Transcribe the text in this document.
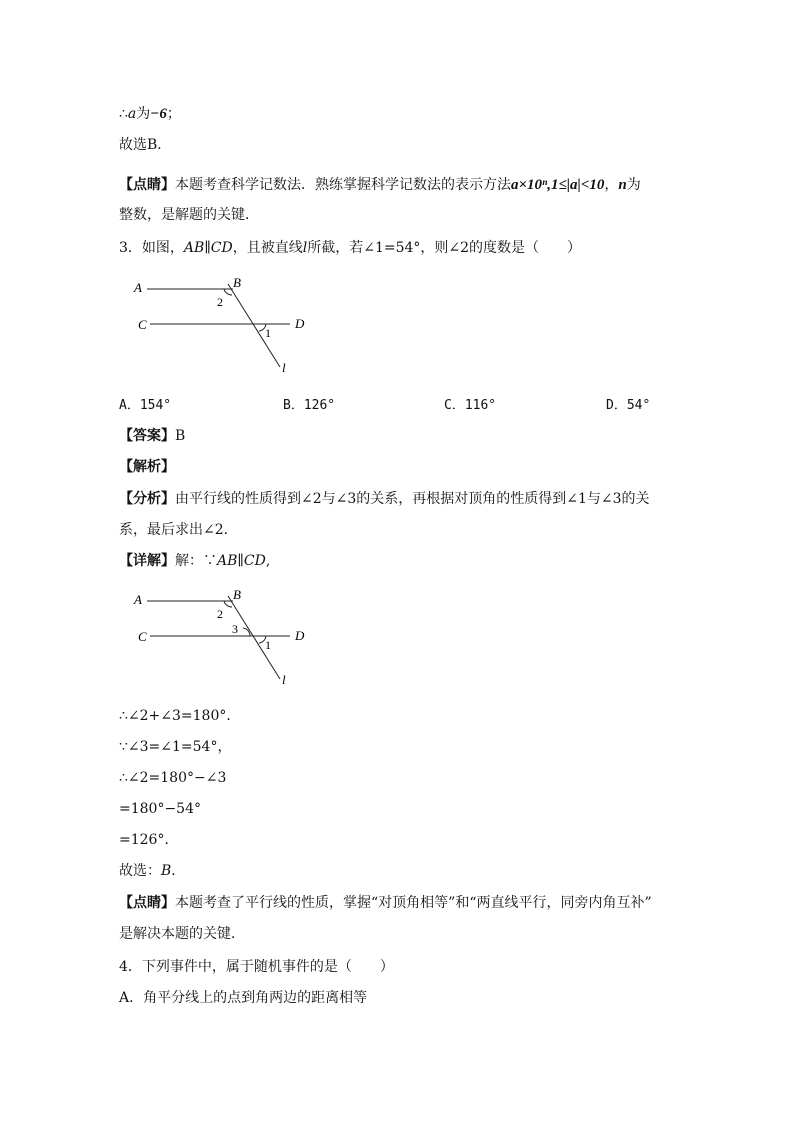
∴a为−6；
故选B．
【点睛】本题考查科学记数法．熟练掌握科学记数法的表示方法a×10ⁿ,1≤|a|<10，n为
整数，是解题的关键．
3．如图，AB∥CD，且被直线l所截，若∠1=54°，则∠2的度数是（　　）
A	B
C	D
l
2
1
A．154°	B．126°	C．116°	D．54°
【答案】B
【解析】
【分析】由平行线的性质得到∠2与∠3的关系，再根据对顶角的性质得到∠1与∠3的关
系，最后求出∠2．
【详解】解：∵AB∥CD,
A	B
C	D
l
2
3
1
∴∠2+∠3=180°．
∵∠3=∠1=54°，
∴∠2=180°−∠3
=180°−54°
=126°．
故选：B．
【点睛】本题考查了平行线的性质，掌握“对顶角相等”和“两直线平行，同旁内角互补”
是解决本题的关键．
4．下列事件中，属于随机事件的是（　　）
A．角平分线上的点到角两边的距离相等
